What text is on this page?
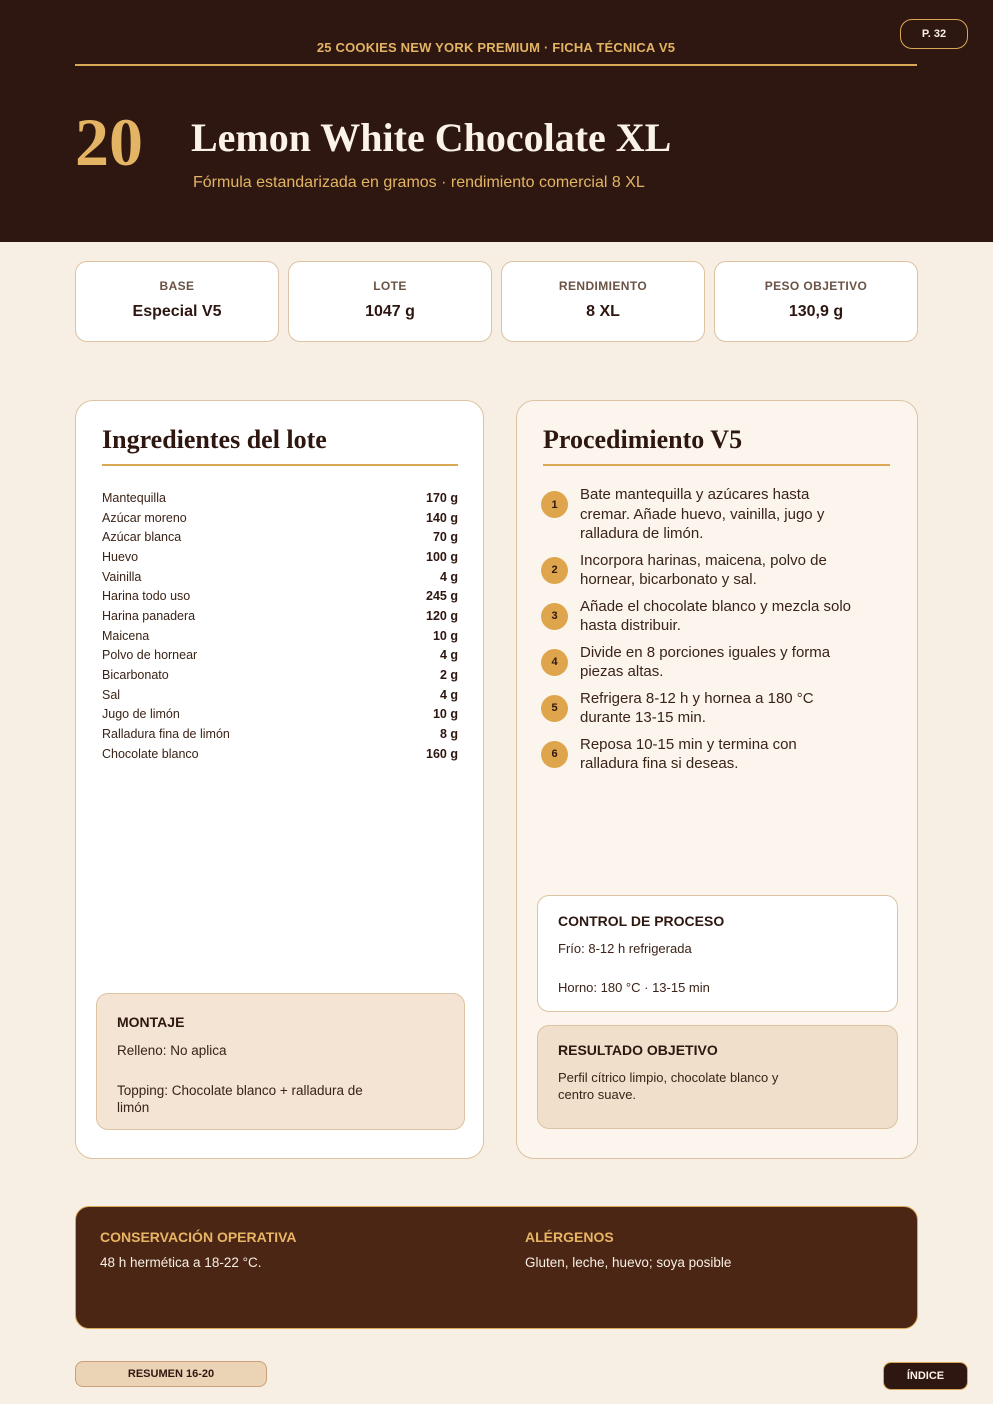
25 COOKIES NEW YORK PREMIUM · FICHA TÉCNICA V5
P. 32
20 Lemon White Chocolate XL
Fórmula estandarizada en gramos · rendimiento comercial 8 XL
BASE
Especial V5
LOTE
1047 g
RENDIMIENTO
8 XL
PESO OBJETIVO
130,9 g
Ingredientes del lote
Mantequilla	170 g
Azúcar moreno	140 g
Azúcar blanca	70 g
Huevo	100 g
Vainilla	4 g
Harina todo uso	245 g
Harina panadera	120 g
Maicena	10 g
Polvo de hornear	4 g
Bicarbonato	2 g
Sal	4 g
Jugo de limón	10 g
Ralladura fina de limón	8 g
Chocolate blanco	160 g
MONTAJE
Relleno: No aplica
Topping: Chocolate blanco + ralladura de limón
Procedimiento V5
1
Bate mantequilla y azúcares hasta cremar. Añade huevo, vainilla, jugo y ralladura de limón.
2
Incorpora harinas, maicena, polvo de hornear, bicarbonato y sal.
3
Añade el chocolate blanco y mezcla solo hasta distribuir.
4
Divide en 8 porciones iguales y forma piezas altas.
5
Refrigera 8-12 h y hornea a 180 °C durante 13-15 min.
6
Reposa 10-15 min y termina con ralladura fina si deseas.
CONTROL DE PROCESO
Frío: 8-12 h refrigerada
Horno: 180 °C · 13-15 min
RESULTADO OBJETIVO
Perfil cítrico limpio, chocolate blanco y centro suave.
CONSERVACIÓN OPERATIVA
48 h hermética a 18-22 °C.
ALÉRGENOS
Gluten, leche, huevo; soya posible
RESUMEN 16-20	ÍNDICE
